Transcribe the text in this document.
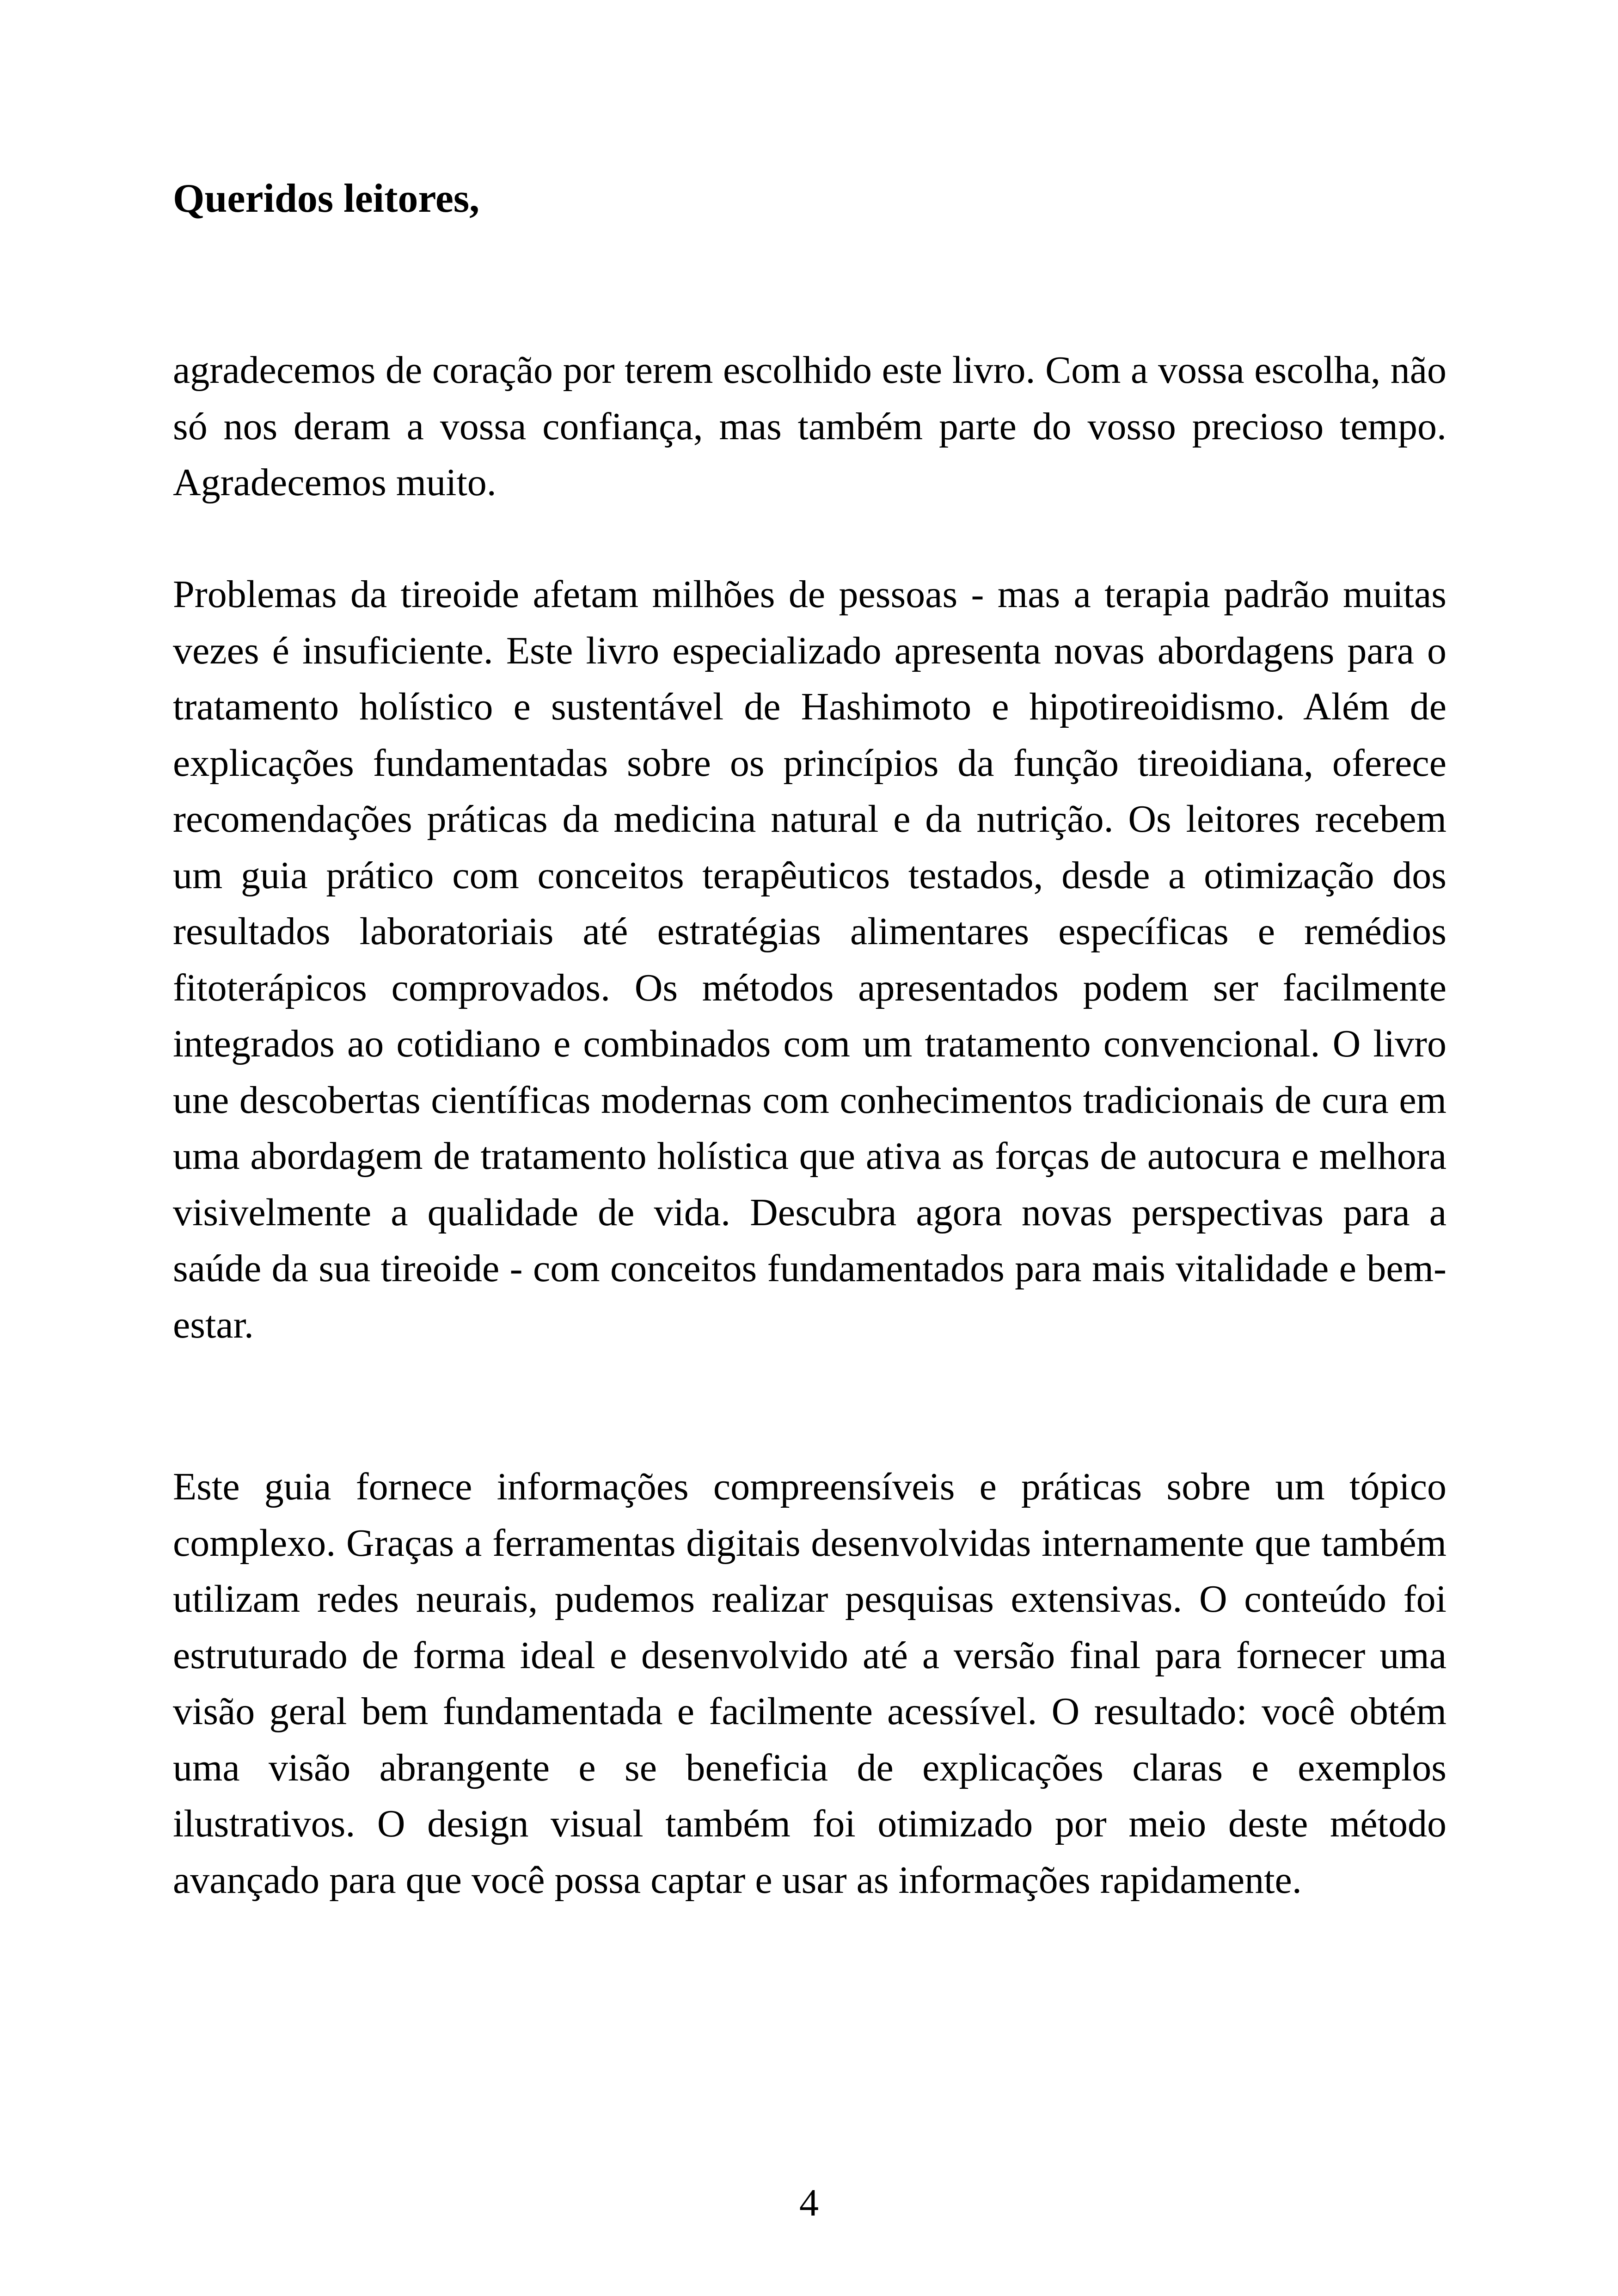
Queridos leitores,

agradecemos de coração por terem escolhido este livro. Com a vossa escolha, não só nos deram a vossa confiança, mas também parte do vosso precioso tempo. Agradecemos muito.

Problemas da tireoide afetam milhões de pessoas - mas a terapia padrão muitas vezes é insuficiente. Este livro especializado apresenta novas abordagens para o tratamento holístico e sustentável de Hashimoto e hipotireoidismo. Além de explicações fundamentadas sobre os princípios da função tireoidiana, oferece recomendações práticas da medicina natural e da nutrição. Os leitores recebem um guia prático com conceitos terapêuticos testados, desde a otimização dos resultados laboratoriais até estratégias alimentares específicas e remédios fitoterápicos comprovados. Os métodos apresentados podem ser facilmente integrados ao cotidiano e combinados com um tratamento convencional. O livro une descobertas científicas modernas com conhecimentos tradicionais de cura em uma abordagem de tratamento holística que ativa as forças de autocura e melhora visivelmente a qualidade de vida. Descubra agora novas perspectivas para a saúde da sua tireoide - com conceitos fundamentados para mais vitalidade e bem-estar.

Este guia fornece informações compreensíveis e práticas sobre um tópico complexo. Graças a ferramentas digitais desenvolvidas internamente que também utilizam redes neurais, pudemos realizar pesquisas extensivas. O conteúdo foi estruturado de forma ideal e desenvolvido até a versão final para fornecer uma visão geral bem fundamentada e facilmente acessível. O resultado: você obtém uma visão abrangente e se beneficia de explicações claras e exemplos ilustrativos. O design visual também foi otimizado por meio deste método avançado para que você possa captar e usar as informações rapidamente.

4
